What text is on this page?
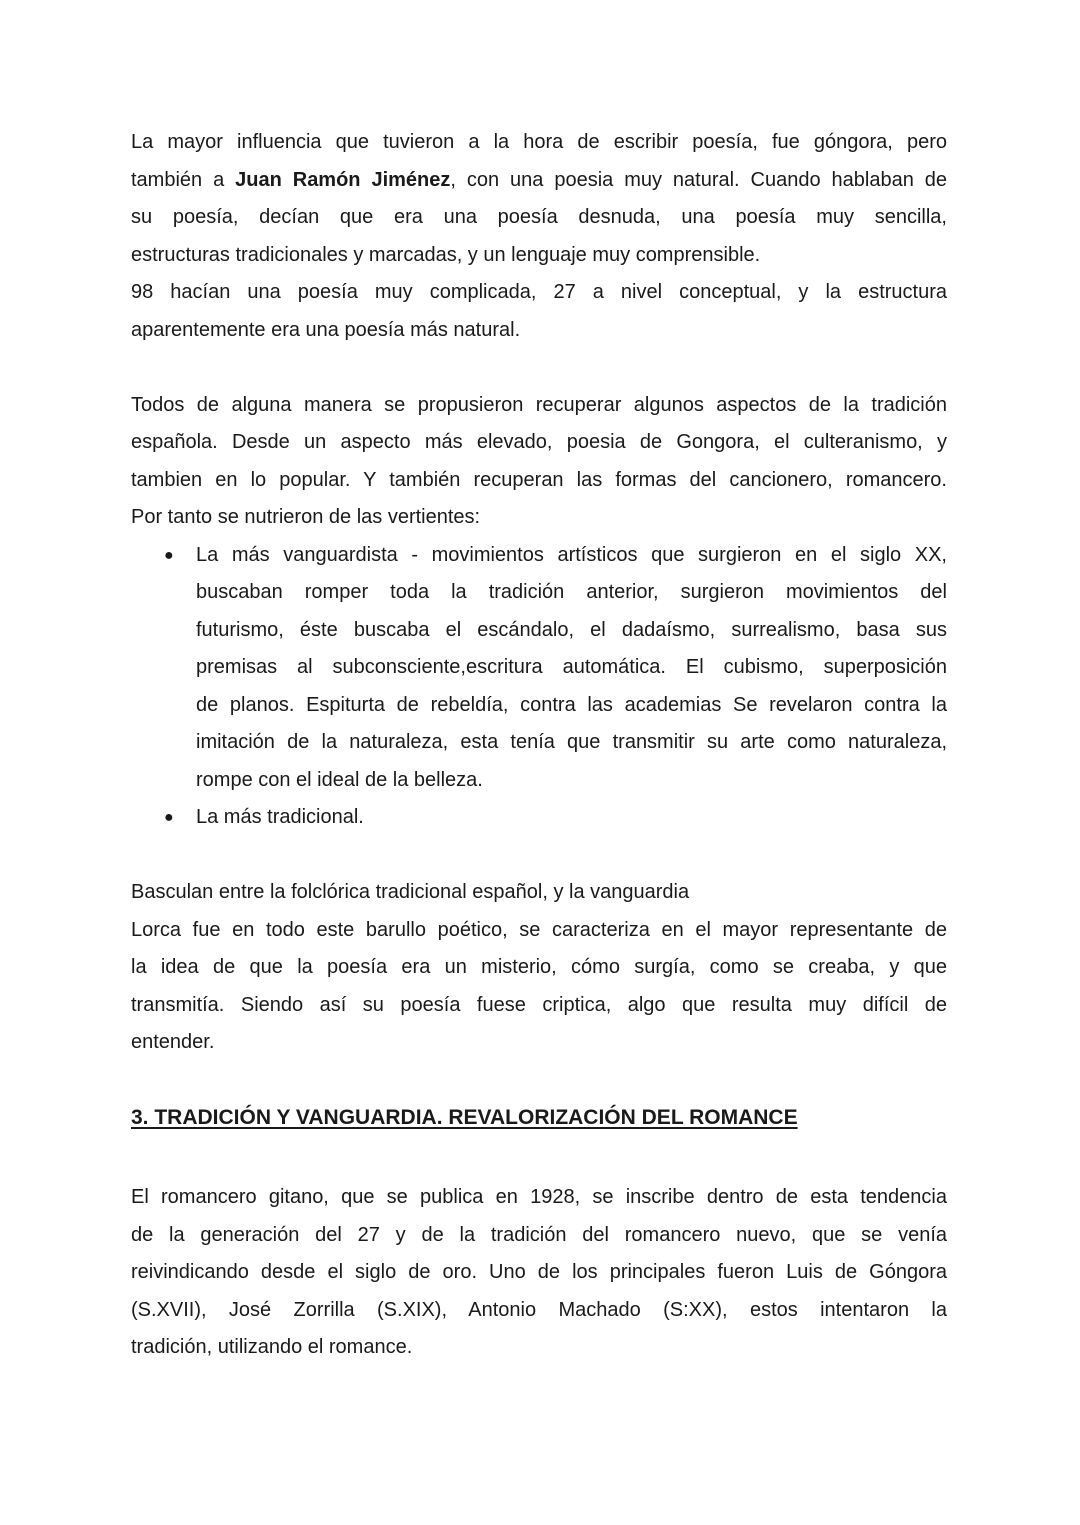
La mayor influencia que tuvieron a la hora de escribir poesía, fue góngora, pero
también a Juan Ramón Jiménez, con una poesia muy natural. Cuando hablaban de
su poesía, decían que era una poesía desnuda, una poesía muy sencilla,
estructuras tradicionales y marcadas, y un lenguaje muy comprensible.
98 hacían una poesía muy complicada, 27 a nivel conceptual, y la estructura
aparentemente era una poesía más natural.
Todos de alguna manera se propusieron recuperar algunos aspectos de la tradición
española. Desde un aspecto más elevado, poesia de Gongora, el culteranismo, y
tambien en lo popular. Y también recuperan las formas del cancionero, romancero.
Por tanto se nutrieron de las vertientes:
● La más vanguardista - movimientos artísticos que surgieron en el siglo XX,
buscaban romper toda la tradición anterior, surgieron movimientos del
futurismo, éste buscaba el escándalo, el dadaísmo, surrealismo, basa sus
premisas al subconsciente,escritura automática. El cubismo, superposición
de planos. Espiturta de rebeldía, contra las academias Se revelaron contra la
imitación de la naturaleza, esta tenía que transmitir su arte como naturaleza,
rompe con el ideal de la belleza.
● La más tradicional.
Basculan entre la folclórica tradicional español, y la vanguardia
Lorca fue en todo este barullo poético, se caracteriza en el mayor representante de
la idea de que la poesía era un misterio, cómo surgía, como se creaba, y que
transmitía. Siendo así su poesía fuese criptica, algo que resulta muy difícil de
entender.
3. TRADICIÓN Y VANGUARDIA. REVALORIZACIÓN DEL ROMANCE
El romancero gitano, que se publica en 1928, se inscribe dentro de esta tendencia
de la generación del 27 y de la tradición del romancero nuevo, que se venía
reivindicando desde el siglo de oro. Uno de los principales fueron Luis de Góngora
(S.XVII), José Zorrilla (S.XIX), Antonio Machado (S:XX), estos intentaron la
tradición, utilizando el romance.
